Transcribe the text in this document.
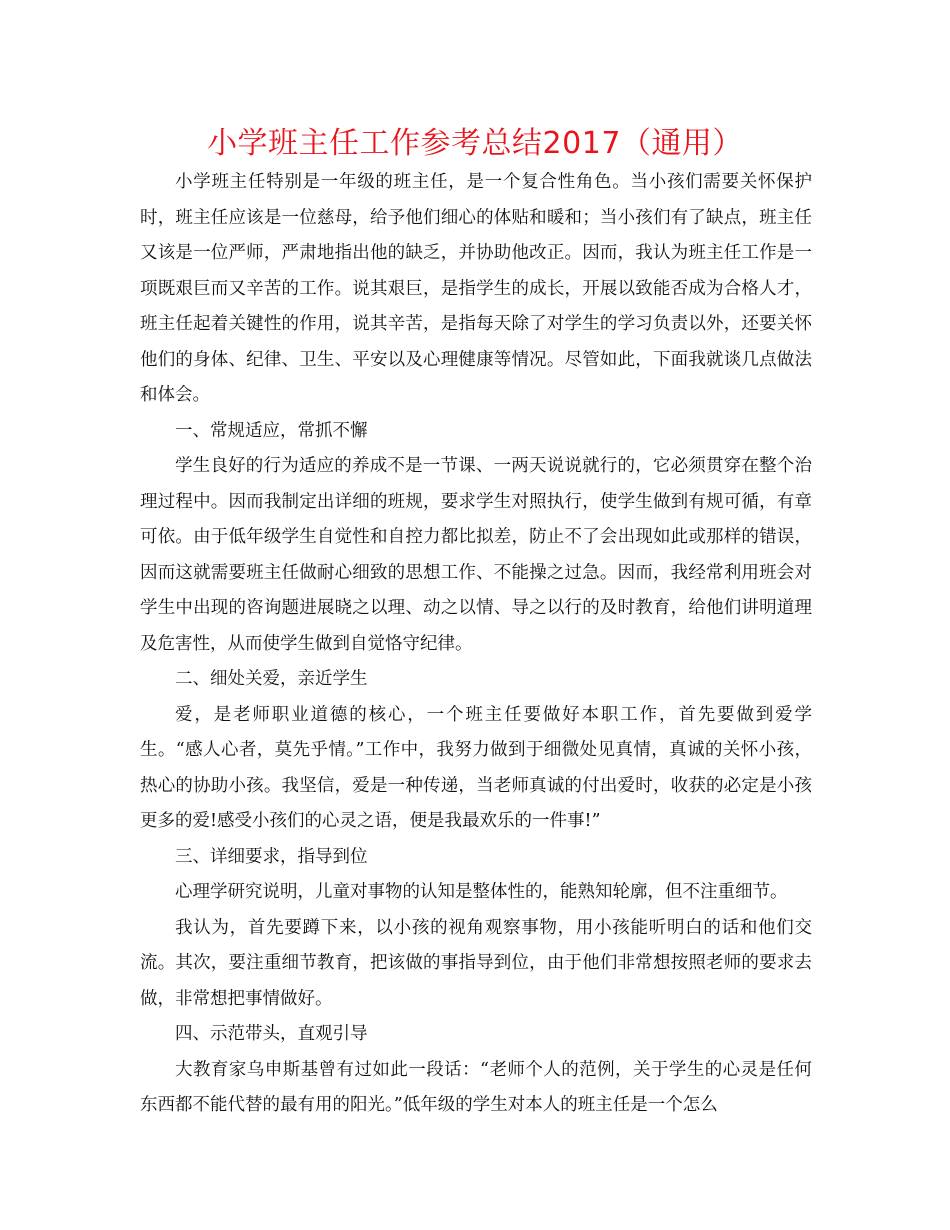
小学班主任工作参考总结2017（通用）

小学班主任特别是一年级的班主任，是一个复合性角色。当小孩们需要关怀保护时，班主任应该是一位慈母，给予他们细心的体贴和暖和；当小孩们有了缺点，班主任又该是一位严师，严肃地指出他的缺乏，并协助他改正。因而，我认为班主任工作是一项既艰巨而又辛苦的工作。说其艰巨，是指学生的成长，开展以致能否成为合格人才，班主任起着关键性的作用，说其辛苦，是指每天除了对学生的学习负责以外，还要关怀他们的身体、纪律、卫生、平安以及心理健康等情况。尽管如此，下面我就谈几点做法和体会。

一、常规适应，常抓不懈

学生良好的行为适应的养成不是一节课、一两天说说就行的，它必须贯穿在整个治理过程中。因而我制定出详细的班规，要求学生对照执行，使学生做到有规可循，有章可依。由于低年级学生自觉性和自控力都比拟差，防止不了会出现如此或那样的错误，因而这就需要班主任做耐心细致的思想工作、不能操之过急。因而，我经常利用班会对学生中出现的咨询题进展晓之以理、动之以情、导之以行的及时教育，给他们讲明道理及危害性，从而使学生做到自觉恪守纪律。

二、细处关爱，亲近学生

爱，是老师职业道德的核心，一个班主任要做好本职工作，首先要做到爱学生。“感人心者，莫先乎情。”工作中，我努力做到于细微处见真情，真诚的关怀小孩，热心的协助小孩。我坚信，爱是一种传递，当老师真诚的付出爱时，收获的必定是小孩更多的爱!感受小孩们的心灵之语，便是我最欢乐的一件事!”

三、详细要求，指导到位

心理学研究说明，儿童对事物的认知是整体性的，能熟知轮廓，但不注重细节。

我认为，首先要蹲下来，以小孩的视角观察事物，用小孩能听明白的话和他们交流。其次，要注重细节教育，把该做的事指导到位，由于他们非常想按照老师的要求去做，非常想把事情做好。

四、示范带头，直观引导

大教育家乌申斯基曾有过如此一段话：“老师个人的范例，关于学生的心灵是任何东西都不能代替的最有用的阳光。”低年级的学生对本人的班主任是一个怎么
